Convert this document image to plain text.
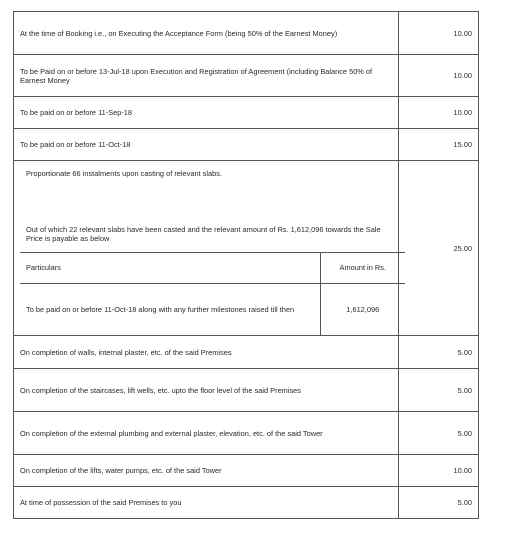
At the time of Booking i.e., on Executing the Acceptance Form (being 50% of the Earnest Money)	10.00
To be Paid on or before 13-Jul-18 upon Execution and Registration of Agreement (including Balance 50% of Earnest Money	10.00
To be paid on or before 11-Sep-18	10.00
To be paid on or before 11-Oct-18	15.00

Proportionate 66 instalments upon casting of relevant slabs.
Out of which 22 relevant slabs have been casted and the relevant amount of Rs. 1,612,096 towards the Sale Price is payable as below
Particulars	Amount in Rs.
To be paid on or before 11-Oct-18 along with any further milestones raised till then	1,612,096
	25.00
On completion of walls, internal plaster, etc. of the said Premises	5.00
On completion of the staircases, lift wells, etc. upto the floor level of the said Premises	5.00
On completion of the external plumbing and external plaster, elevation, etc. of the said Tower	5.00
On completion of the lifts, water pumps, etc. of the said Tower	10.00
At time of possession of the said Premises to you	5.00
